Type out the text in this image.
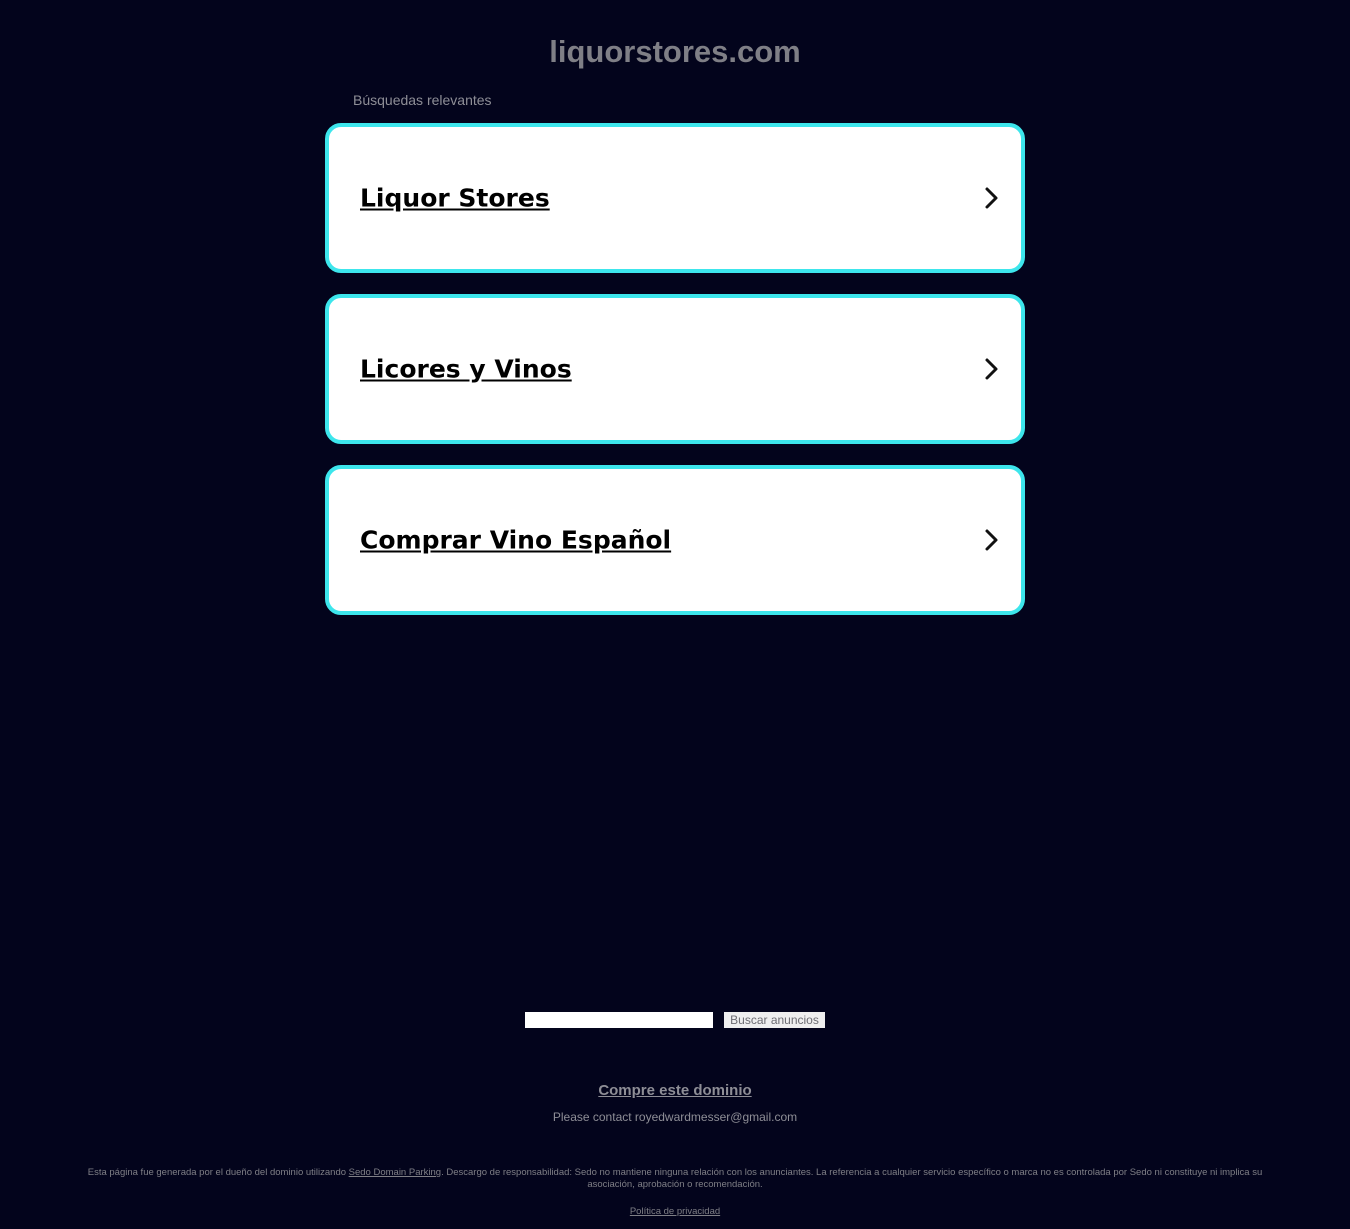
liquorstores.com
Búsquedas relevantes
Liquor Stores
Licores y Vinos
Comprar Vino Español
Buscar anuncios
Compre este dominio
Please contact royedwardmesser@gmail.com
Esta página fue generada por el dueño del dominio utilizando Sedo Domain Parking. Descargo de responsabilidad: Sedo no mantiene ninguna relación con los anunciantes. La referencia a cualquier servicio específico o marca no es controlada por Sedo ni constituye ni implica su asociación, aprobación o recomendación.
Política de privacidad
